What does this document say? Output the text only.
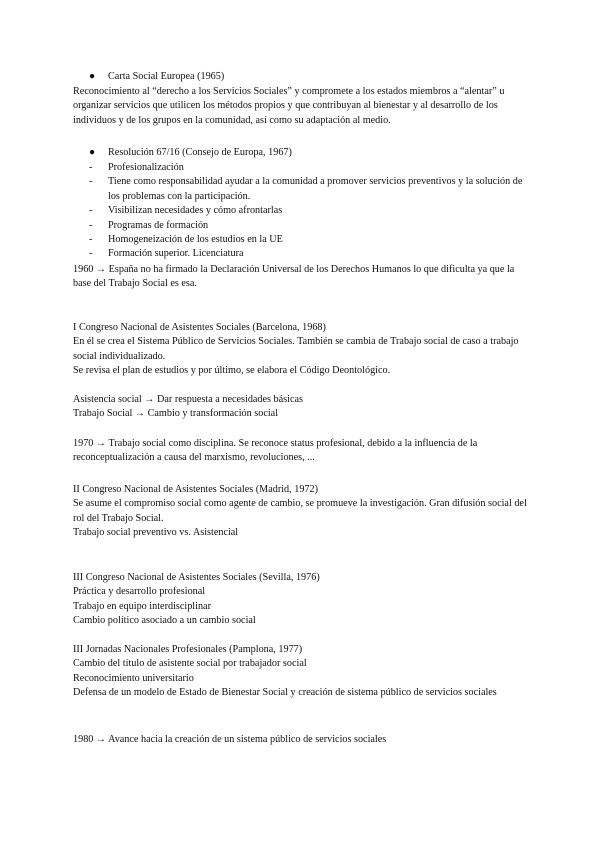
● Carta Social Europea (1965)

Reconocimiento al “derecho a los Servicios Sociales” y compromete a los estados miembros a “alentar” u organizar servicios que utilicen los métodos propios y que contribuyan al bienestar y al desarrollo de los individuos y de los grupos en la comunidad, así como su adaptación al medio.

● Resolución 67/16 (Consejo de Europa, 1967)

- Profesionalización
- Tiene como responsabilidad ayudar a la comunidad a promover servicios preventivos y la solución de los problemas con la participación.
- Visibilizan necesidades y cómo afrontarlas
- Programas de formación
- Homogeneización de los estudios en la UE
- Formación superior. Licenciatura

1960 → España no ha firmado la Declaración Universal de los Derechos Humanos lo que dificulta ya que la base del Trabajo Social es esa.

I Congreso Nacional de Asistentes Sociales (Barcelona, 1968)

En él se crea el Sistema Público de Servicios Sociales. También se cambia de Trabajo social de caso a trabajo social individualizado.

Se revisa el plan de estudios y por último, se elabora el Código Deontológico.

Asistencia social → Dar respuesta a necesidades básicas

Trabajo Social → Cambio y transformación social

1970 → Trabajo social como disciplina. Se reconoce status profesional, debido a la influencia de la reconceptualización a causa del marxismo, revoluciones, ...

II Congreso Nacional de Asistentes Sociales (Madrid, 1972)

Se asume el compromiso social como agente de cambio, se promueve la investigación. Gran difusión social del rol del Trabajo Social.

Trabajo social preventivo vs. Asistencial

III Congreso Nacional de Asistentes Sociales (Sevilla, 1976)

Práctica y desarrollo profesional

Trabajo en equipo interdisciplinar

Cambio político asociado a un cambio social

III Jornadas Nacionales Profesionales (Pamplona, 1977)

Cambio del título de asistente social por trabajador social

Reconocimiento universitario

Defensa de un modelo de Estado de Bienestar Social y creación de sistema público de servicios sociales

1980 → Avance hacia la creación de un sistema público de servicios sociales
